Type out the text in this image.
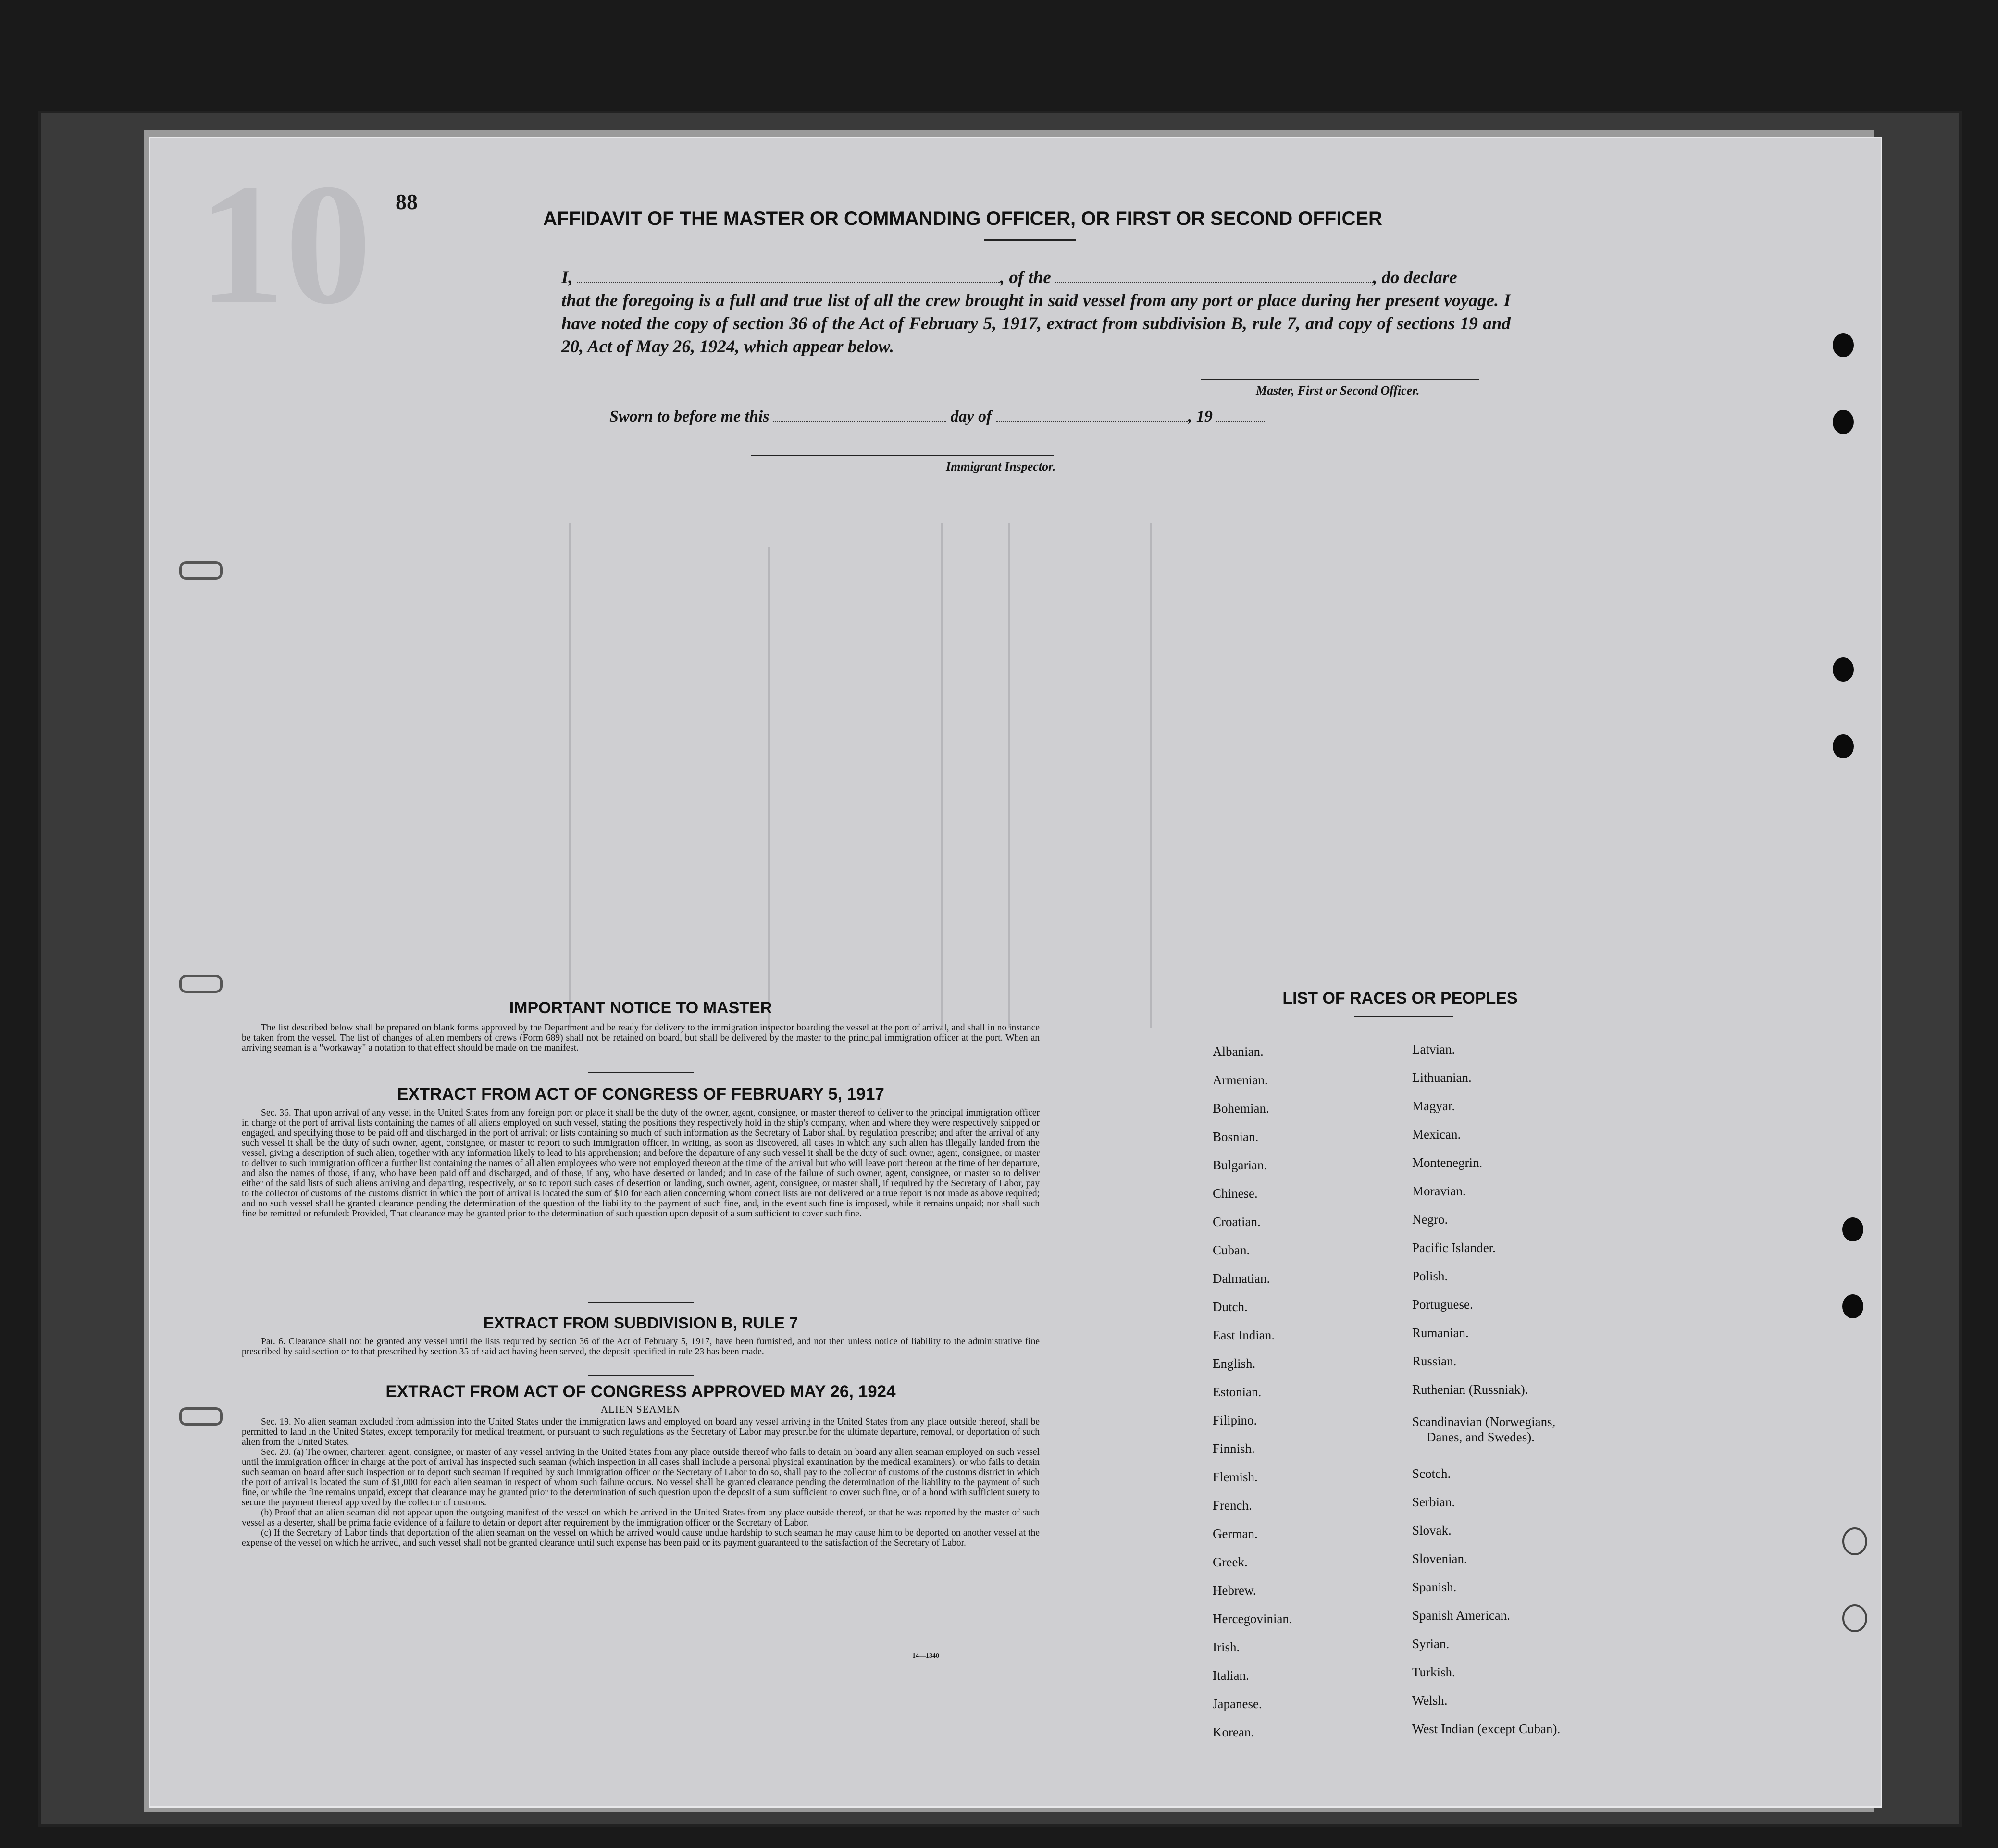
10 88
AFFIDAVIT OF THE MASTER OR COMMANDING OFFICER, OR FIRST OR SECOND OFFICER
I,	, of the	, do declare
that the foregoing is a full and true list of all the crew brought in said vessel from any port or place during her present voyage. I have noted the copy of section 36 of the Act of February 5, 1917, extract from subdivision B, rule 7, and copy of sections 19 and 20, Act of May 26, 1924, which appear below.
Master, First or Second Officer.
Sworn to before me this	day of	, 19
Immigrant Inspector.
IMPORTANT NOTICE TO MASTER

The list described below shall be prepared on blank forms approved by the Department and be ready for delivery to the immigration inspector boarding the vessel at the port of arrival, and shall in no instance be taken from the vessel. The list of changes of alien members of crews (Form 689) shall not be retained on board, but shall be delivered by the master to the principal immigration officer at the port. When an arriving seaman is a "workaway" a notation to that effect should be made on the manifest.

EXTRACT FROM ACT OF CONGRESS OF FEBRUARY 5, 1917

Sec. 36. That upon arrival of any vessel in the United States from any foreign port or place it shall be the duty of the owner, agent, consignee, or master thereof to deliver to the principal immigration officer in charge of the port of arrival lists containing the names of all aliens employed on such vessel, stating the positions they respectively hold in the ship's company, when and where they were respectively shipped or engaged, and specifying those to be paid off and discharged in the port of arrival; or lists containing so much of such information as the Secretary of Labor shall by regulation prescribe; and after the arrival of any such vessel it shall be the duty of such owner, agent, consignee, or master to report to such immigration officer, in writing, as soon as discovered, all cases in which any such alien has illegally landed from the vessel, giving a description of such alien, together with any information likely to lead to his apprehension; and before the departure of any such vessel it shall be the duty of such owner, agent, consignee, or master to deliver to such immigration officer a further list containing the names of all alien employees who were not employed thereon at the time of the arrival but who will leave port thereon at the time of her departure, and also the names of those, if any, who have been paid off and discharged, and of those, if any, who have deserted or landed; and in case of the failure of such owner, agent, consignee, or master so to deliver either of the said lists of such aliens arriving and departing, respectively, or so to report such cases of desertion or landing, such owner, agent, consignee, or master shall, if required by the Secretary of Labor, pay to the collector of customs of the customs district in which the port of arrival is located the sum of $10 for each alien concerning whom correct lists are not delivered or a true report is not made as above required; and no such vessel shall be granted clearance pending the determination of the question of the liability to the payment of such fine, and, in the event such fine is imposed, while it remains unpaid; nor shall such fine be remitted or refunded: Provided, That clearance may be granted prior to the determination of such question upon deposit of a sum sufficient to cover such fine.

EXTRACT FROM SUBDIVISION B, RULE 7

Par. 6. Clearance shall not be granted any vessel until the lists required by section 36 of the Act of February 5, 1917, have been furnished, and not then unless notice of liability to the administrative fine prescribed by said section or to that prescribed by section 35 of said act having been served, the deposit specified in rule 23 has been made.

EXTRACT FROM ACT OF CONGRESS APPROVED MAY 26, 1924
ALIEN SEAMEN

Sec. 19. No alien seaman excluded from admission into the United States under the immigration laws and employed on board any vessel arriving in the United States from any place outside thereof, shall be permitted to land in the United States, except temporarily for medical treatment, or pursuant to such regulations as the Secretary of Labor may prescribe for the ultimate departure, removal, or deportation of such alien from the United States.

Sec. 20. (a) The owner, charterer, agent, consignee, or master of any vessel arriving in the United States from any place outside thereof who fails to detain on board any alien seaman employed on such vessel until the immigration officer in charge at the port of arrival has inspected such seaman (which inspection in all cases shall include a personal physical examination by the medical examiners), or who fails to detain such seaman on board after such inspection or to deport such seaman if required by such immigration officer or the Secretary of Labor to do so, shall pay to the collector of customs of the customs district in which the port of arrival is located the sum of $1,000 for each alien seaman in respect of whom such failure occurs. No vessel shall be granted clearance pending the determination of the liability to the payment of such fine, or while the fine remains unpaid, except that clearance may be granted prior to the determination of such question upon the deposit of a sum sufficient to cover such fine, or of a bond with sufficient surety to secure the payment thereof approved by the collector of customs.

(b) Proof that an alien seaman did not appear upon the outgoing manifest of the vessel on which he arrived in the United States from any place outside thereof, or that he was reported by the master of such vessel as a deserter, shall be prima facie evidence of a failure to detain or deport after requirement by the immigration officer or the Secretary of Labor.

(c) If the Secretary of Labor finds that deportation of the alien seaman on the vessel on which he arrived would cause undue hardship to such seaman he may cause him to be deported on another vessel at the expense of the vessel on which he arrived, and such vessel shall not be granted clearance until such expense has been paid or its payment guaranteed to the satisfaction of the Secretary of Labor.

14—1340
LIST OF RACES OR PEOPLES
Albanian.
Armenian.
Bohemian.
Bosnian.
Bulgarian.
Chinese.
Croatian.
Cuban.
Dalmatian.
Dutch.
East Indian.
English.
Estonian.
Filipino.
Finnish.
Flemish.
French.
German.
Greek.
Hebrew.
Hercegovinian.
Irish.
Italian.
Japanese.
Korean.
Latvian.
Lithuanian.
Magyar.
Mexican.
Montenegrin.
Moravian.
Negro.
Pacific Islander.
Polish.
Portuguese.
Rumanian.
Russian.
Ruthenian (Russniak).
Scandinavian (Norwegians,
Danes, and Swedes).
Scotch.
Serbian.
Slovak.
Slovenian.
Spanish.
Spanish American.
Syrian.
Turkish.
Welsh.
West Indian (except Cuban).
